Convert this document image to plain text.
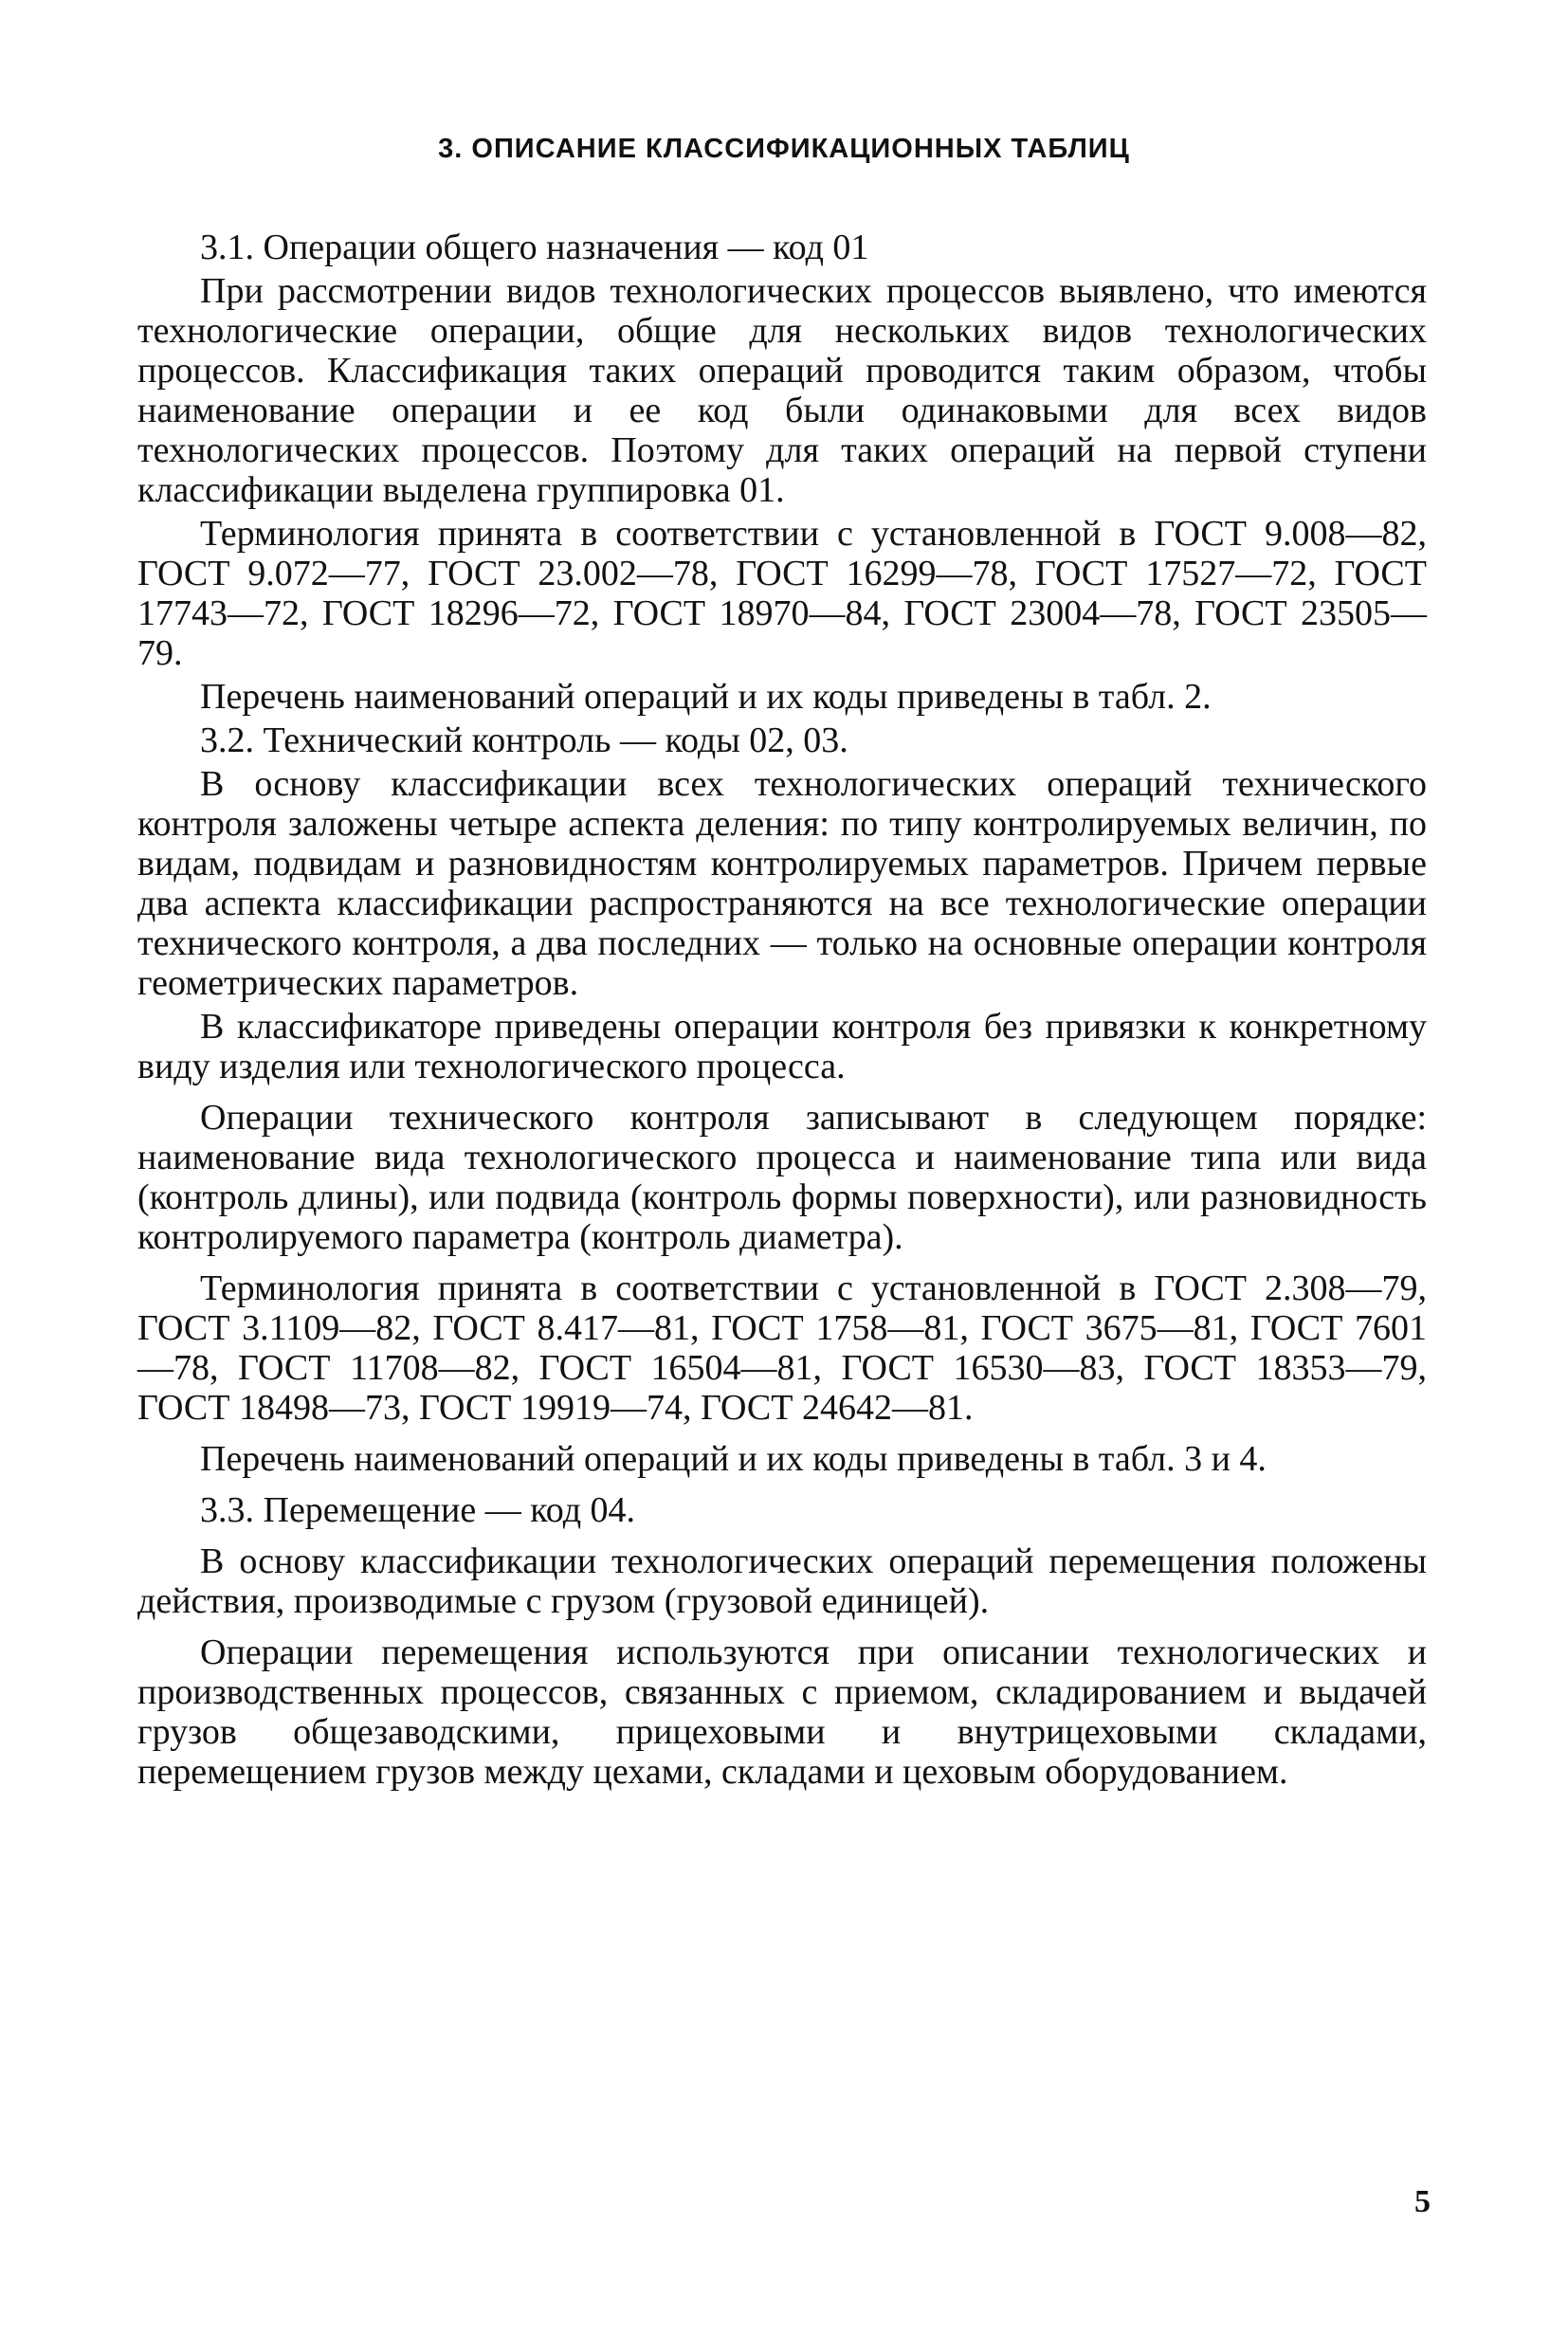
3. ОПИСАНИЕ КЛАССИФИКАЦИОННЫХ ТАБЛИЦ

3.1. Операции общего назначения — код 01

При рассмотрении видов технологических процессов выявлено, что имеются технологические операции, общие для нескольких видов технологических процессов. Классификация таких операций проводится таким образом, чтобы наименование операции и ее код были одинаковыми для всех видов технологических процессов. Поэтому для таких операций на первой ступени классификации выделена группировка 01.

Терминология принята в соответствии с установленной в ГОСТ 9.008—82, ГОСТ 9.072—77, ГОСТ 23.002—78, ГОСТ 16299—78, ГОСТ 17527—72, ГОСТ 17743—72, ГОСТ 18296—72, ГОСТ 18970—84, ГОСТ 23004—78, ГОСТ 23505—79.

Перечень наименований операций и их коды приведены в табл. 2.

3.2. Технический контроль — коды 02, 03.

В основу классификации всех технологических операций технического контроля заложены четыре аспекта деления: по типу контролируемых величин, по видам, подвидам и разновидностям контролируемых параметров. Причем первые два аспекта классификации распространяются на все технологические операции технического контроля, а два последних — только на основные операции контроля геометрических параметров.

В классификаторе приведены операции контроля без привязки к конкретному виду изделия или технологического процесса.

Операции технического контроля записывают в следующем порядке: наименование вида технологического процесса и наименование типа или вида (контроль длины), или подвида (контроль формы поверхности), или разновидность контролируемого параметра (контроль диаметра).

Терминология принята в соответствии с установленной в ГОСТ 2.308—79, ГОСТ 3.1109—82, ГОСТ 8.417—81, ГОСТ 1758—81, ГОСТ 3675—81, ГОСТ 7601—78, ГОСТ 11708—82, ГОСТ 16504—81, ГОСТ 16530—83, ГОСТ 18353—79, ГОСТ 18498—73, ГОСТ 19919—74, ГОСТ 24642—81.

Перечень наименований операций и их коды приведены в табл. 3 и 4.

3.3. Перемещение — код 04.

В основу классификации технологических операций перемещения положены действия, производимые с грузом (грузовой единицей).

Операции перемещения используются при описании технологических и производственных процессов, связанных с приемом, складированием и выдачей грузов общезаводскими, прицеховыми и внутрицеховыми складами, перемещением грузов между цехами, складами и цеховым оборудованием.

5
